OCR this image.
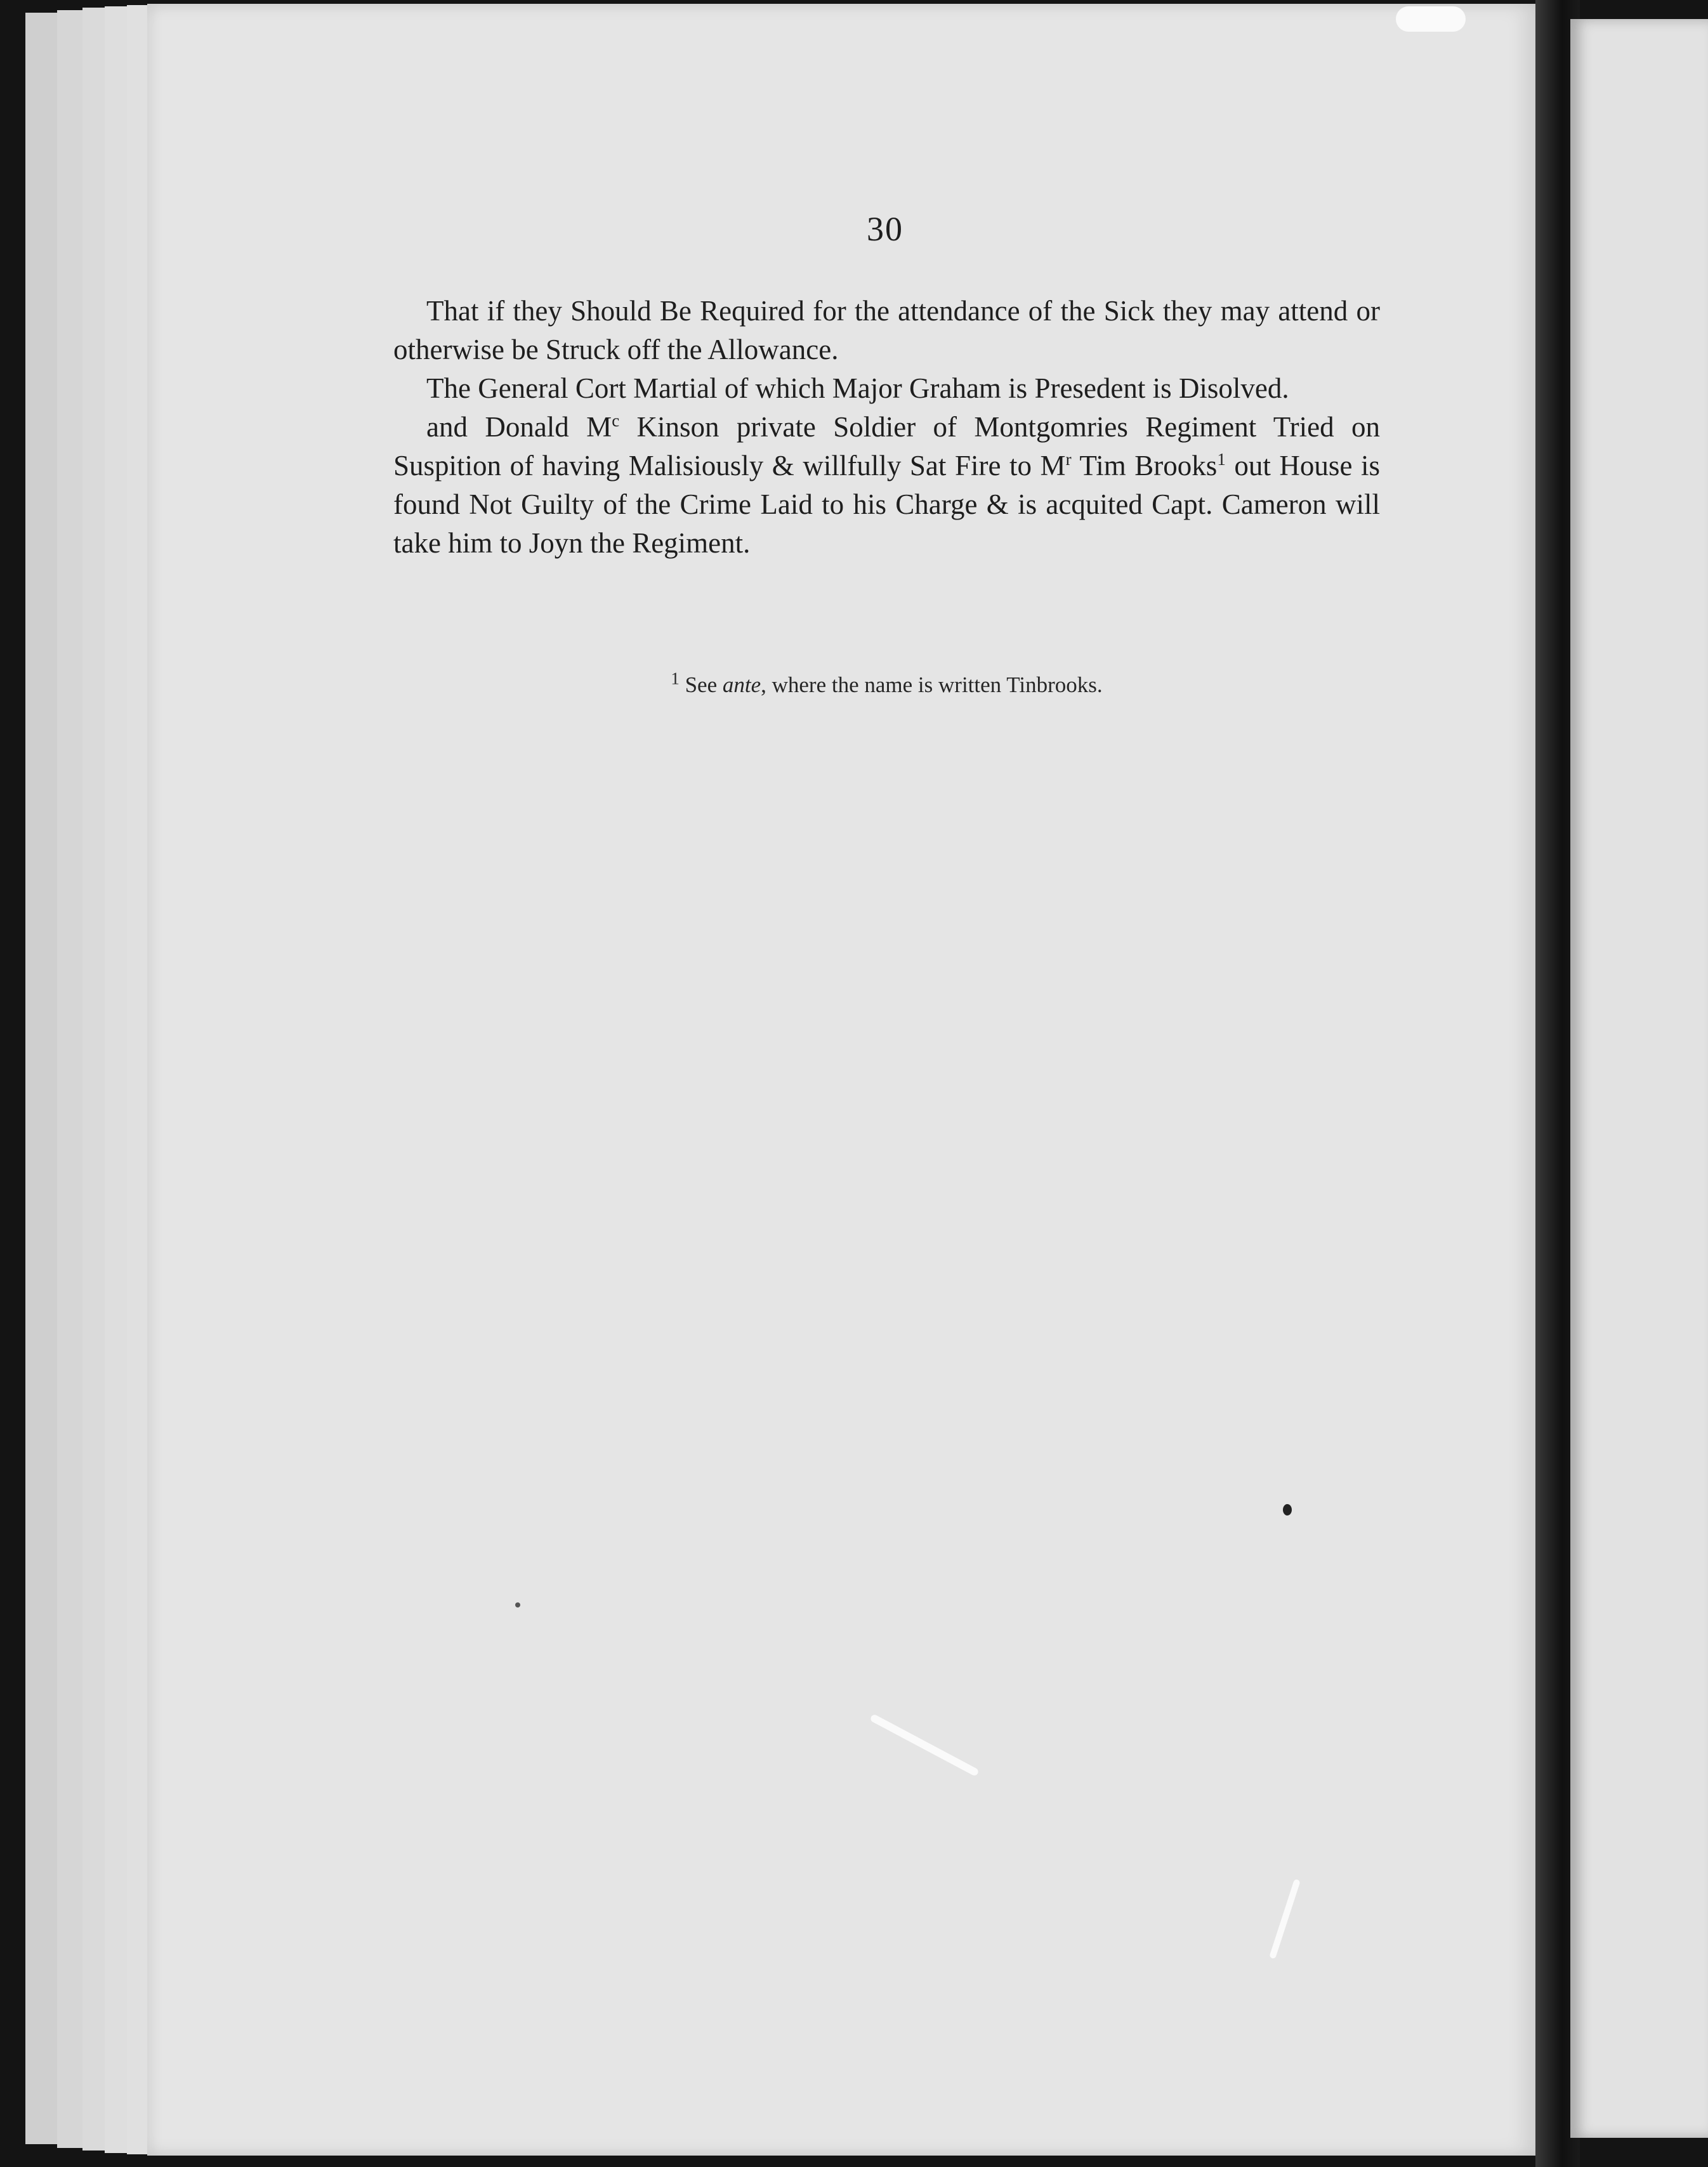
30

That if they Should Be Required for the attendance of the Sick they may attend or otherwise be Struck off the Allowance.

The General Cort Martial of which Major Graham is Presedent is Disolved.

and Donald $M^c$ Kinson private Soldier of Montgomries Regiment Tried on Suspition of having Malisiously & willfully Sat Fire to $M^r$ Tim Brooks$^1$ out House is found Not Guilty of the Crime Laid to his Charge & is acquited Capt. Cameron will take him to Joyn the Regiment.

$^1$ See ante, where the name is written Tinbrooks.
